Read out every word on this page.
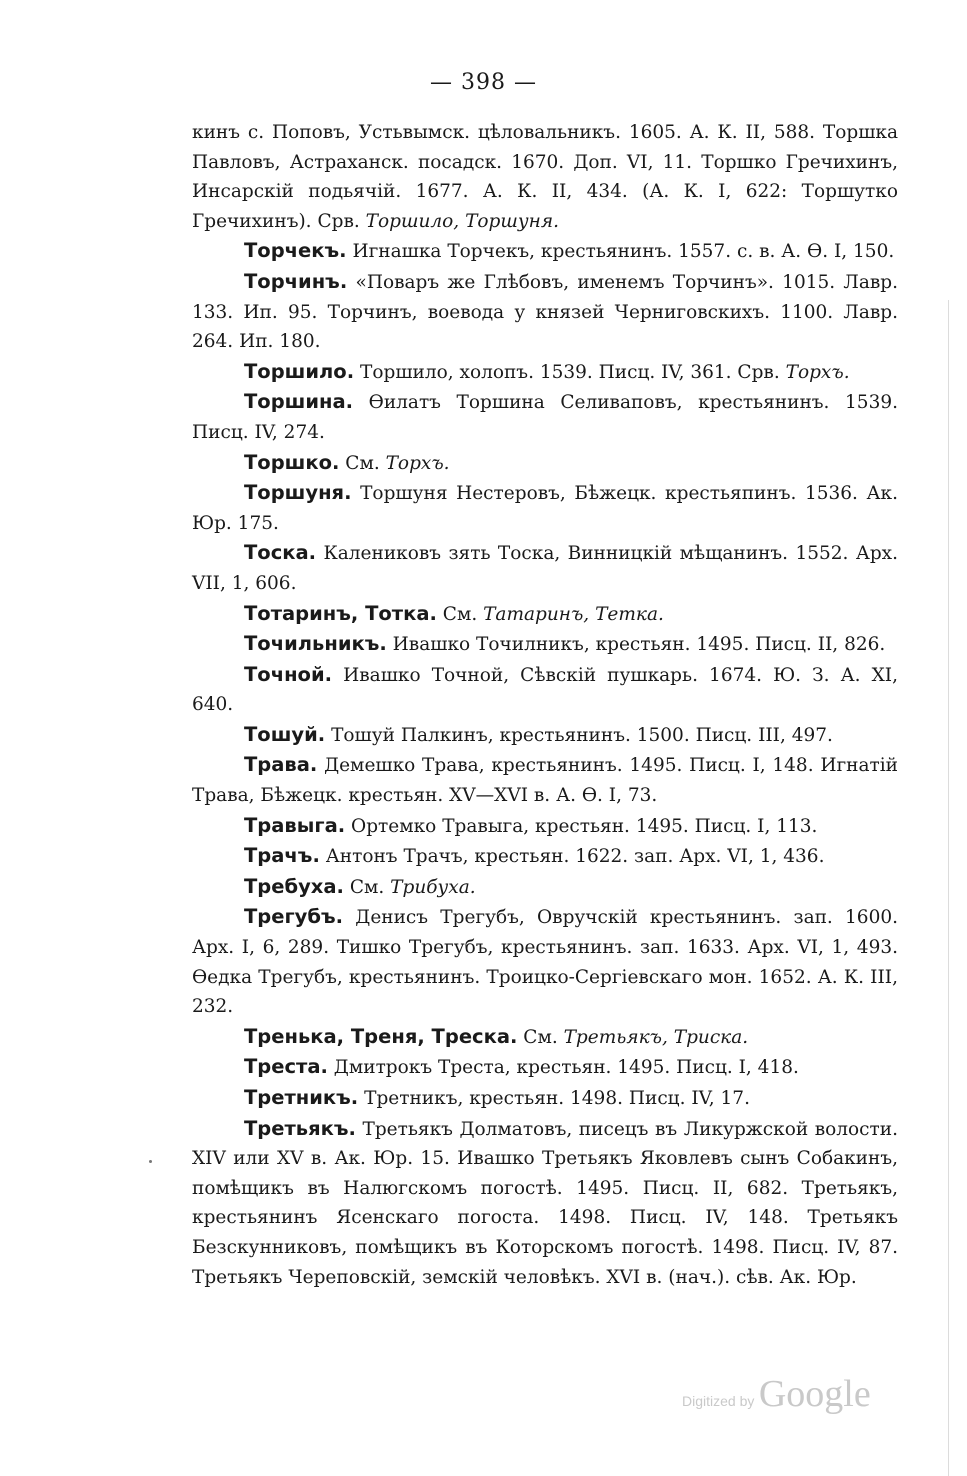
— 398 —

кинъ с. Поповъ, Устьвымск. цѣловальникъ. 1605. А. К. II, 588. Торшка Павловъ, Астраханск. посадск. 1670. Доп. VI, 11. Торшко Гречихинъ, Инсарскій подьячій. 1677. А. К. II, 434. (А. К. I, 622: Торшутко Гречихинъ). Срв. Торшило, Торшуня.

Торчекъ. Игнашка Торчекъ, крестьянинъ. 1557. с. в. А. Ѳ. I, 150.

Торчинъ. «Поваръ же Глѣбовъ, именемъ Торчинъ». 1015. Лавр. 133. Ип. 95. Торчинъ, воевода у князей Черниговскихъ. 1100. Лавр. 264. Ип. 180.

Торшило. Торшило, холопъ. 1539. Писц. IV, 361. Срв. Торхъ.

Торшина. Ѳилатъ Торшина Селиваповъ, крестьянинъ. 1539. Писц. IV, 274.

Торшко. См. Торхъ.

Торшуня. Торшуня Нестеровъ, Бѣжецк. крестьяпинъ. 1536. Ак. Юр. 175.

Тоска. Калениковъ зять Тоска, Винницкій мѣщанинъ. 1552. Арх. VII, 1, 606.

Тотаринъ, Тотка. См. Татаринъ, Тетка.

Точильникъ. Ивашко Точилникъ, крестьян. 1495. Писц. II, 826.

Точной. Ивашко Точной, Сѣвскій пушкарь. 1674. Ю. З. А. XI, 640.

Тошуй. Тошуй Палкинъ, крестьянинъ. 1500. Писц. III, 497.

Трава. Демешко Трава, крестьянинъ. 1495. Писц. I, 148. Игнатій Трава, Бѣжецк. крестьян. XV—XVI в. А. Ѳ. I, 73.

Травыга. Ортемко Травыга, крестьян. 1495. Писц. I, 113.

Трачъ. Антонъ Трачъ, крестьян. 1622. зап. Арх. VI, 1, 436.

Требуха. См. Трибуха.

Трегубъ. Денисъ Трегубъ, Овручскій крестьянинъ. зап. 1600. Арх. I, 6, 289. Тишко Трегубъ, крестьянинъ. зап. 1633. Арх. VI, 1, 493. Ѳедка Трегубъ, крестьянинъ. Троицко-Сергіевскаго мон. 1652. А. К. III, 232.

Тренька, Треня, Треска. См. Третьякъ, Триска.

Треста. Дмитрокъ Треста, крестьян. 1495. Писц. I, 418.

Третникъ. Третникъ, крестьян. 1498. Писц. IV, 17.

Третьякъ. Третьякъ Долматовъ, писецъ въ Ликуржской волости. XIV или XV в. Ак. Юр. 15. Ивашко Третьякъ Яковлевъ сынъ Собакинъ, помѣщикъ въ Налюгскомъ погостѣ. 1495. Писц. II, 682. Третьякъ, крестьянинъ Ясенскаго погоста. 1498. Писц. IV, 148. Третьякъ Безскунниковъ, помѣщикъ въ Которскомъ погостѣ. 1498. Писц. IV, 87. Третьякъ Череповскій, земскій человѣкъ. XVI в. (нач.). сѣв. Ак. Юр.

Digitized by Google
